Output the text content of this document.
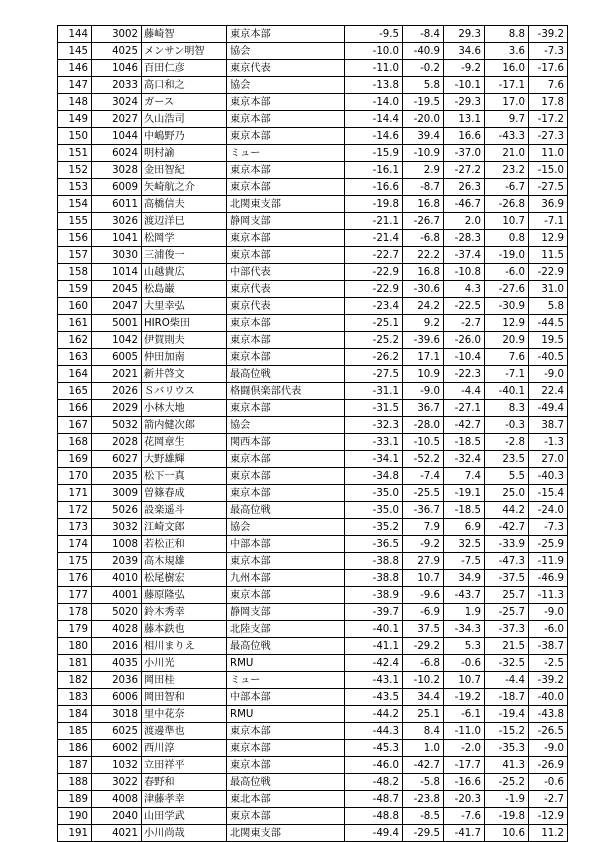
144	3002	藤崎智	東京本部	-9.5	-8.4	29.3	8.8	-39.2
145	4025	メンサン明智	協会	-10.0	-40.9	34.6	3.6	-7.3
146	1046	百田仁彦	東京代表	-11.0	-0.2	-9.2	16.0	-17.6
147	2033	高口和之	協会	-13.8	5.8	-10.1	-17.1	7.6
148	3024	ガース	東京本部	-14.0	-19.5	-29.3	17.0	17.8
149	2027	久山浩司	東京本部	-14.4	-20.0	13.1	9.7	-17.2
150	1044	中嶋野乃	東京本部	-14.6	39.4	16.6	-43.3	-27.3
151	6024	明村諭	ミュー	-15.9	-10.9	-37.0	21.0	11.0
152	3028	金田智紀	東京本部	-16.1	2.9	-27.2	23.2	-15.0
153	6009	矢崎航之介	東京本部	-16.6	-8.7	26.3	-6.7	-27.5
154	6011	高橋信夫	北関東支部	-19.8	16.8	-46.7	-26.8	36.9
155	3026	渡辺洋巳	静岡支部	-21.1	-26.7	2.0	10.7	-7.1
156	1041	松岡学	東京本部	-21.4	-6.8	-28.3	0.8	12.9
157	3030	三浦俊一	東京本部	-22.7	22.2	-37.4	-19.0	11.5
158	1014	山越貴広	中部代表	-22.9	16.8	-10.8	-6.0	-22.9
159	2045	松島巌	東京代表	-22.9	-30.6	4.3	-27.6	31.0
160	2047	大里幸弘	東京代表	-23.4	24.2	-22.5	-30.9	5.8
161	5001	HIRO柴田	東京本部	-25.1	9.2	-2.7	12.9	-44.5
162	1042	伊賀則夫	東京本部	-25.2	-39.6	-26.0	20.9	19.5
163	6005	仲田加南	東京本部	-26.2	17.1	-10.4	7.6	-40.5
164	2021	新井啓文	最高位戦	-27.5	10.9	-22.3	-7.1	-9.0
165	2026	Ｓバリウス	格闘倶楽部代表	-31.1	-9.0	-4.4	-40.1	22.4
166	2029	小林大地	東京本部	-31.5	36.7	-27.1	8.3	-49.4
167	5032	箭内健次郎	協会	-32.3	-28.0	-42.7	-0.3	38.7
168	2028	花岡章生	関西本部	-33.1	-10.5	-18.5	-2.8	-1.3
169	6027	大野雄輝	東京本部	-34.1	-52.2	-32.4	23.5	27.0
170	2035	松下一真	東京本部	-34.8	-7.4	7.4	5.5	-40.3
171	3009	曽篠春成	東京本部	-35.0	-25.5	-19.1	25.0	-15.4
172	5026	設楽遥斗	最高位戦	-35.0	-36.7	-18.5	44.2	-24.0
173	3032	江崎文郎	協会	-35.2	7.9	6.9	-42.7	-7.3
174	1008	若松正和	中部本部	-36.5	-9.2	32.5	-33.9	-25.9
175	2039	高木規雄	東京本部	-38.8	27.9	-7.5	-47.3	-11.9
176	4010	松尾樹宏	九州本部	-38.8	10.7	34.9	-37.5	-46.9
177	4001	藤原隆弘	東京本部	-38.9	-9.6	-43.7	25.7	-11.3
178	5020	鈴木秀幸	静岡支部	-39.7	-6.9	1.9	-25.7	-9.0
179	4028	藤本鉄也	北陸支部	-40.1	37.5	-34.3	-37.3	-6.0
180	2016	相川まりえ	最高位戦	-41.1	-29.2	5.3	21.5	-38.7
181	4035	小川光	RMU	-42.4	-6.8	-0.6	-32.5	-2.5
182	2036	岡田桂	ミュー	-43.1	-10.2	10.7	-4.4	-39.2
183	6006	岡田智和	中部本部	-43.5	34.4	-19.2	-18.7	-40.0
184	3018	里中花奈	RMU	-44.2	25.1	-6.1	-19.4	-43.8
185	6025	渡邊準也	東京本部	-44.3	8.4	-11.0	-15.2	-26.5
186	6002	西川淳	東京本部	-45.3	1.0	-2.0	-35.3	-9.0
187	1032	立田祥平	東京本部	-46.0	-42.7	-17.7	41.3	-26.9
188	3022	春野和	最高位戦	-48.2	-5.8	-16.6	-25.2	-0.6
189	4008	津藤孝幸	東北本部	-48.7	-23.8	-20.3	-1.9	-2.7
190	2040	山田学武	東京本部	-48.8	-8.5	-7.6	-19.8	-12.9
191	4021	小川尚哉	北関東支部	-49.4	-29.5	-41.7	10.6	11.2
